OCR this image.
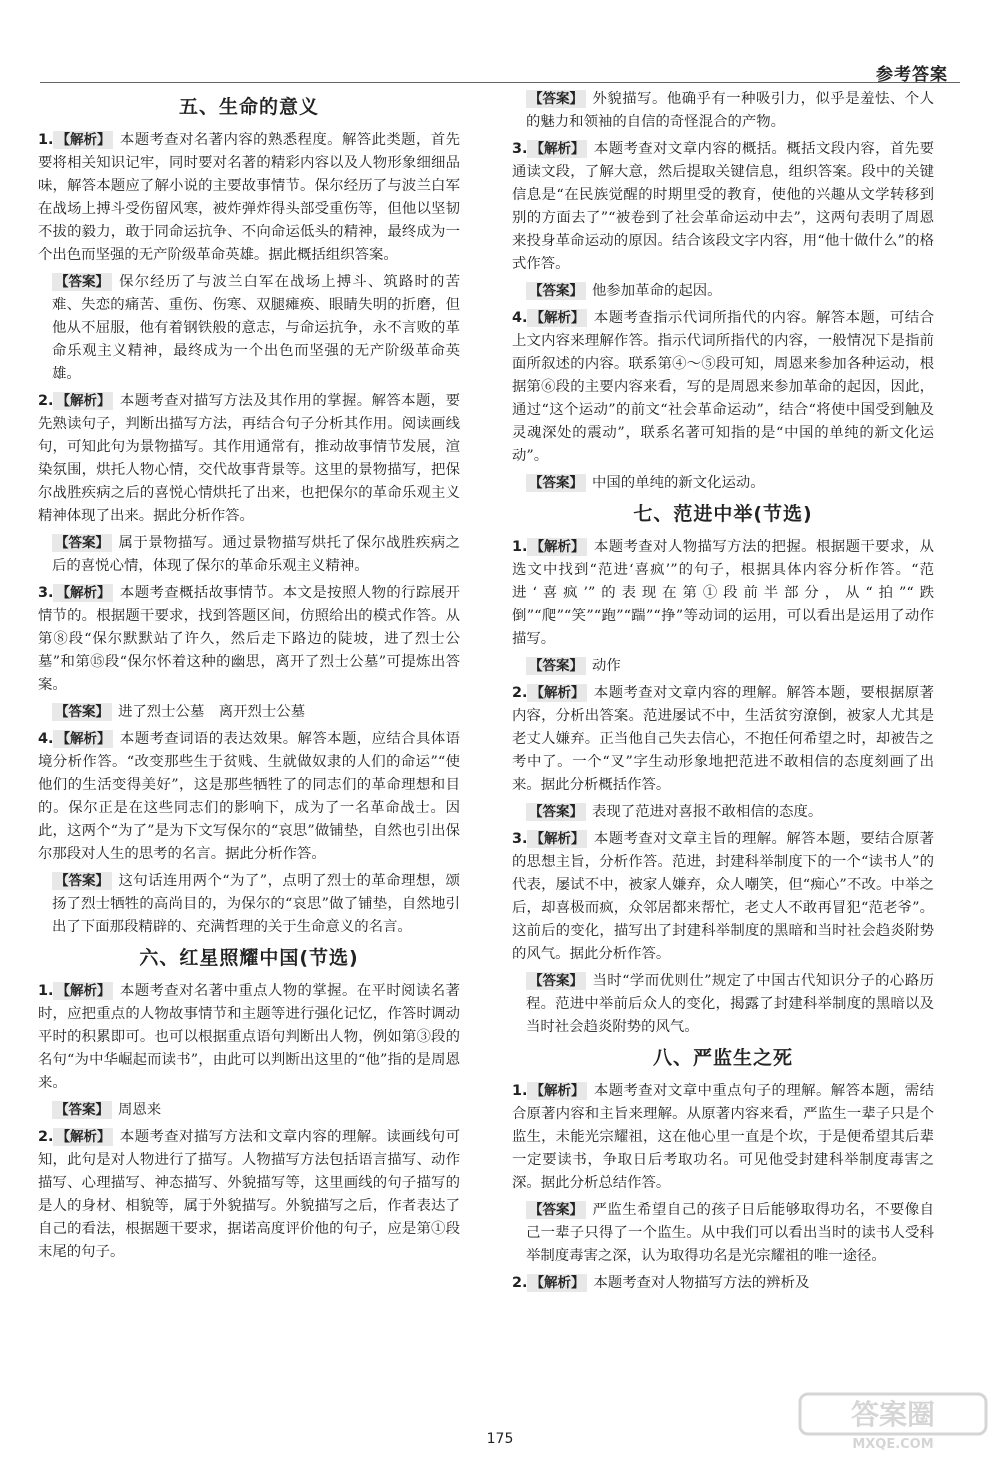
参考答案
五、生命的意义
1. 【解析】 本题考查对名著内容的熟悉程度。解答此类题，首先要将相关知识记牢，同时要对名著的精彩内容以及人物形象细细品味，解答本题应了解小说的主要故事情节。保尔经历了与波兰白军在战场上搏斗受伤留风寒，被炸弹炸得头部受重伤等，但他以坚韧不拔的毅力，敢于同命运抗争、不向命运低头的精神，最终成为一个出色而坚强的无产阶级革命英雄。据此概括组织答案。
【答案】 保尔经历了与波兰白军在战场上搏斗、筑路时的苦难、失恋的痛苦、重伤、伤寒、双腿瘫痪、眼睛失明的折磨，但他从不屈服，他有着钢铁般的意志，与命运抗争，永不言败的革命乐观主义精神，最终成为一个出色而坚强的无产阶级革命英雄。
2. 【解析】 本题考查对描写方法及其作用的掌握。解答本题，要先熟读句子，判断出描写方法，再结合句子分析其作用。阅读画线句，可知此句为景物描写。其作用通常有，推动故事情节发展，渲染氛围，烘托人物心情，交代故事背景等。这里的景物描写，把保尔战胜疾病之后的喜悦心情烘托了出来，也把保尔的革命乐观主义精神体现了出来。据此分析作答。
【答案】 属于景物描写。通过景物描写烘托了保尔战胜疾病之后的喜悦心情，体现了保尔的革命乐观主义精神。
3. 【解析】 本题考查概括故事情节。本文是按照人物的行踪展开情节的。根据题干要求，找到答题区间，仿照给出的模式作答。从第⑧段“保尔默默站了许久，然后走下路边的陡坡，进了烈士公墓”和第⑮段“保尔怀着这种的幽思，离开了烈士公墓”可提炼出答案。
【答案】 进了烈士公墓　离开烈士公墓
4. 【解析】 本题考查词语的表达效果。解答本题，应结合具体语境分析作答。“改变那些生于贫贱、生就做奴隶的人们的命运”“使他们的生活变得美好”，这是那些牺牲了的同志们的革命理想和目的。保尔正是在这些同志们的影响下，成为了一名革命战士。因此，这两个“为了”是为下文写保尔的“哀思”做铺垫，自然也引出保尔那段对人生的思考的名言。据此分析作答。
【答案】 这句话连用两个“为了”，点明了烈士的革命理想，颂扬了烈士牺牲的高尚目的，为保尔的“哀思”做了铺垫，自然地引出了下面那段精辟的、充满哲理的关于生命意义的名言。
六、红星照耀中国(节选)
1. 【解析】 本题考查对名著中重点人物的掌握。在平时阅读名著时，应把重点的人物故事情节和主题等进行强化记忆，作答时调动平时的积累即可。也可以根据重点语句判断出人物，例如第③段的名句“为中华崛起而读书”，由此可以判断出这里的“他”指的是周恩来。
【答案】 周恩来
2. 【解析】 本题考查对描写方法和文章内容的理解。读画线句可知，此句是对人物进行了描写。人物描写方法包括语言描写、动作描写、心理描写、神态描写、外貌描写等，这里画线的句子描写的是人的身材、相貌等，属于外貌描写。外貌描写之后，作者表达了自己的看法，根据题干要求，据诺高度评价他的句子，应是第①段末尾的句子。
【答案】 外貌描写。他确乎有一种吸引力，似乎是羞怯、个人的魅力和领袖的自信的奇怪混合的产物。
3. 【解析】 本题考查对文章内容的概括。概括文段内容，首先要通读文段，了解大意，然后提取关键信息，组织答案。段中的关键信息是“在民族觉醒的时期里受的教育，使他的兴趣从文学转移到别的方面去了”“被卷到了社会革命运动中去”，这两句表明了周恩来投身革命运动的原因。结合该段文字内容，用“他十做什么”的格式作答。
【答案】 他参加革命的起因。
4. 【解析】 本题考查指示代词所指代的内容。解答本题，可结合上文内容来理解作答。指示代词所指代的内容，一般情况下是指前面所叙述的内容。联系第④～⑤段可知，周恩来参加各种运动，根据第⑥段的主要内容来看，写的是周恩来参加革命的起因，因此，通过“这个运动”的前文“社会革命运动”，结合“将使中国受到触及灵魂深处的震动”，联系名著可知指的是“中国的单纯的新文化运动”。
【答案】 中国的单纯的新文化运动。
七、范进中举(节选)
1. 【解析】 本题考查对人物描写方法的把握。根据题干要求，从选文中找到“范进‘喜疯’”的句子，根据具体内容分析作答。“范进‘喜疯’”的表现在第①段前半部分，从“拍”“跌倒”“爬”“笑”“跑”“踹”“挣”等动词的运用，可以看出是运用了动作描写。
【答案】 动作
2. 【解析】 本题考查对文章内容的理解。解答本题，要根据原著内容，分析出答案。范进屡试不中，生活贫穷潦倒，被家人尤其是老丈人嫌弃。正当他自己失去信心，不抱任何希望之时，却被告之考中了。一个“叉”字生动形象地把范进不敢相信的态度刻画了出来。据此分析概括作答。
【答案】 表现了范进对喜报不敢相信的态度。
3. 【解析】 本题考查对文章主旨的理解。解答本题，要结合原著的思想主旨，分析作答。范进，封建科举制度下的一个“读书人”的代表，屡试不中，被家人嫌弃，众人嘲笑，但“痴心”不改。中举之后，却喜极而疯，众邻居都来帮忙，老丈人不敢再冒犯“范老爷”。这前后的变化，描写出了封建科举制度的黑暗和当时社会趋炎附势的风气。据此分析作答。
【答案】 当时“学而优则仕”规定了中国古代知识分子的心路历程。范进中举前后众人的变化，揭露了封建科举制度的黑暗以及当时社会趋炎附势的风气。
八、严监生之死
1. 【解析】 本题考查对文章中重点句子的理解。解答本题，需结合原著内容和主旨来理解。从原著内容来看，严监生一辈子只是个监生，未能光宗耀祖，这在他心里一直是个坎，于是便希望其后辈一定要读书，争取日后考取功名。可见他受封建科举制度毒害之深。据此分析总结作答。
【答案】 严监生希望自己的孩子日后能够取得功名，不要像自己一辈子只得了一个监生。从中我们可以看出当时的读书人受科举制度毒害之深，认为取得功名是光宗耀祖的唯一途径。
2. 【解析】 本题考查对人物描写方法的辨析及
175
答案圈
MXQE.COM
